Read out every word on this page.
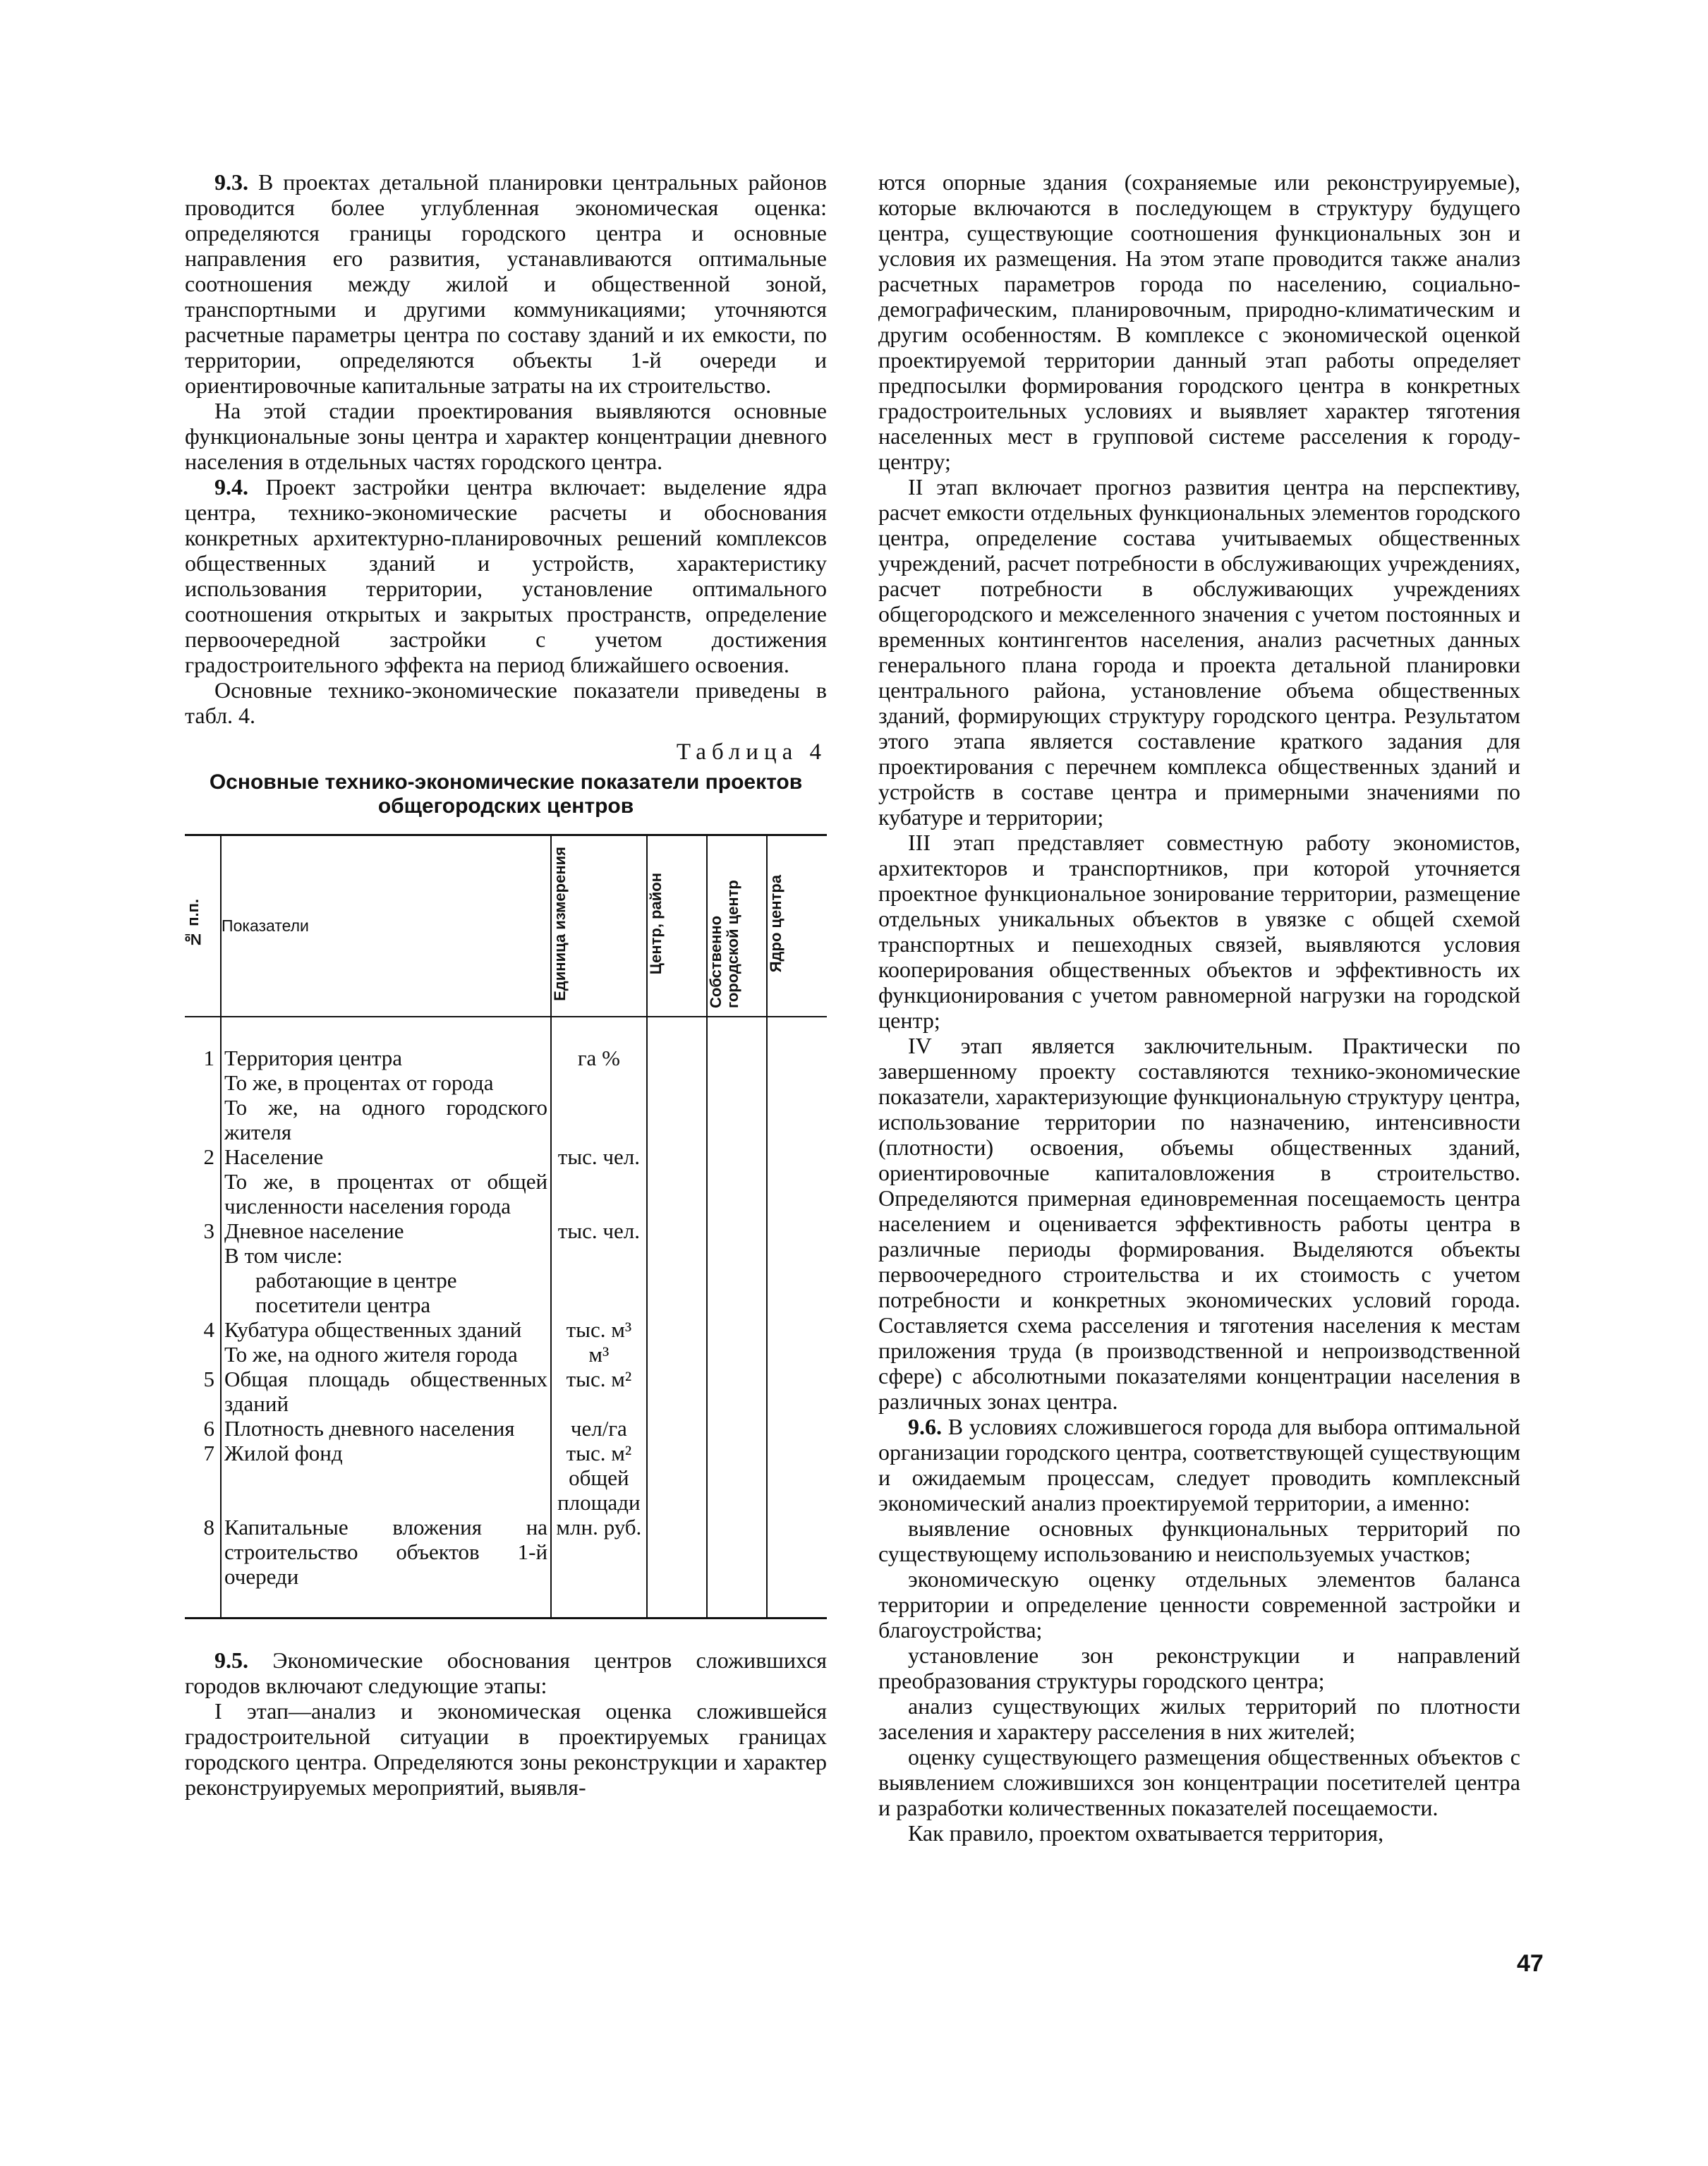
9.3. В проектах детальной планировки центральных районов проводится более углубленная экономическая оценка: определяются границы городского центра и основные направления его развития, устанавливаются оптимальные соотношения между жилой и общественной зоной, транспортными и другими коммуникациями; уточняются расчетные параметры центра по составу зданий и их емкости, по территории, определяются объекты 1-й очереди и ориентировочные капитальные затраты на их строительство.

На этой стадии проектирования выявляются основные функциональные зоны центра и характер концентрации дневного населения в отдельных частях городского центра.

9.4. Проект застройки центра включает: выделение ядра центра, технико-экономические расчеты и обоснования конкретных архитектурно-планировочных решений комплексов общественных зданий и устройств, характеристику использования территории, установление оптимального соотношения открытых и закрытых пространств, определение первоочередной застройки с учетом достижения градостроительного эффекта на период ближайшего освоения.

Основные технико-экономические показатели приведены в табл. 4.

Таблица 4
Основные технико-экономические показатели проектов общегородских центров
№ п.п.	Показатели	Единица измерения	Центр, район	Собственно городской центр	Ядро центра
1	Территория центра	га %			
	То же, в процентах от города				
	То же, на одного городского жителя				
2	Население	тыс. чел.			
	То же, в процентах от общей численности населения города				
3	Дневное население	тыс. чел.			
	В том числе:				

	работающие в центре				

	посетители центра				

4	Кубатура общественных зданий	тыс. м³			
	То же, на одного жителя города	м³			
5	Общая площадь общественных зданий	тыс. м²			
6	Плотность дневного населения	чел/га			
7	Жилой фонд	тыс. м² общей площади			
8	Капитальные вложения на строительство объектов 1-й очереди	млн. руб.			

9.5. Экономические обоснования центров сложившихся городов включают следующие этапы:

I этап—анализ и экономическая оценка сложившейся градостроительной ситуации в проектируемых границах городского центра. Определяются зоны реконструкции и характер реконструируемых мероприятий, выявля-

ются опорные здания (сохраняемые или реконструируемые), которые включаются в последующем в структуру будущего центра, существующие соотношения функциональных зон и условия их размещения. На этом этапе проводится также анализ расчетных параметров города по населению, социально-демографическим, планировочным, природно-климатическим и другим особенностям. В комплексе с экономической оценкой проектируемой территории данный этап работы определяет предпосылки формирования городского центра в конкретных градостроительных условиях и выявляет характер тяготения населенных мест в групповой системе расселения к городу-центру;

II этап включает прогноз развития центра на перспективу, расчет емкости отдельных функциональных элементов городского центра, определение состава учитываемых общественных учреждений, расчет потребности в обслуживающих учреждениях, расчет потребности в обслуживающих учреждениях общегородского и межселенного значения с учетом постоянных и временных контингентов населения, анализ расчетных данных генерального плана города и проекта детальной планировки центрального района, установление объема общественных зданий, формирующих структуру городского центра. Результатом этого этапа является составление краткого задания для проектирования с перечнем комплекса общественных зданий и устройств в составе центра и примерными значениями по кубатуре и территории;

III этап представляет совместную работу экономистов, архитекторов и транспортников, при которой уточняется проектное функциональное зонирование территории, размещение отдельных уникальных объектов в увязке с общей схемой транспортных и пешеходных связей, выявляются условия кооперирования общественных объектов и эффективность их функционирования с учетом равномерной нагрузки на городской центр;

IV этап является заключительным. Практически по завершенному проекту составляются технико-экономические показатели, характеризующие функциональную структуру центра, использование территории по назначению, интенсивности (плотности) освоения, объемы общественных зданий, ориентировочные капиталовложения в строительство. Определяются примерная единовременная посещаемость центра населением и оценивается эффективность работы центра в различные периоды формирования. Выделяются объекты первоочередного строительства и их стоимость с учетом потребности и конкретных экономических условий города. Составляется схема расселения и тяготения населения к местам приложения труда (в производственной и непроизводственной сфере) с абсолютными показателями концентрации населения в различных зонах центра.

9.6. В условиях сложившегося города для выбора оптимальной организации городского центра, соответствующей существующим и ожидаемым процессам, следует проводить комплексный экономический анализ проектируемой территории, а именно:

выявление основных функциональных территорий по существующему использованию и неиспользуемых участков;

экономическую оценку отдельных элементов баланса территории и определение ценности современной застройки и благоустройства;

установление зон реконструкции и направлений преобразования структуры городского центра;

анализ существующих жилых территорий по плотности заселения и характеру расселения в них жителей;

оценку существующего размещения общественных объектов с выявлением сложившихся зон концентрации посетителей центра и разработки количественных показателей посещаемости.

Как правило, проектом охватывается территория,

47
